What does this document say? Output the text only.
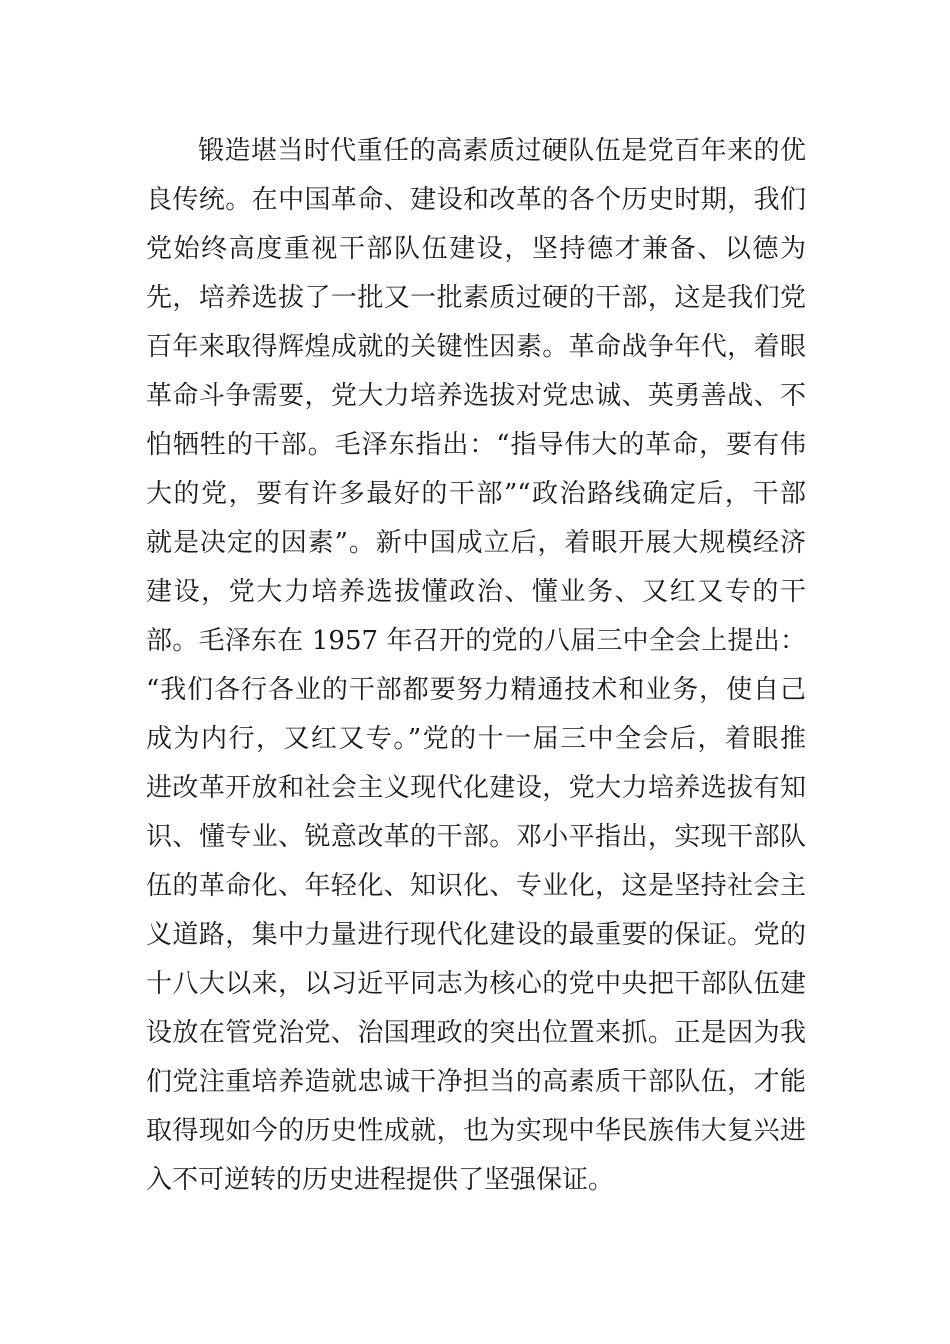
锻造堪当时代重任的高素质过硬队伍是党百年来的优
良传统。在中国革命、建设和改革的各个历史时期，我们
党始终高度重视干部队伍建设，坚持德才兼备、以德为
先，培养选拔了一批又一批素质过硬的干部，这是我们党
百年来取得辉煌成就的关键性因素。革命战争年代，着眼
革命斗争需要，党大力培养选拔对党忠诚、英勇善战、不
怕牺牲的干部。毛泽东指出：“指导伟大的革命，要有伟
大的党，要有许多最好的干部”“政治路线确定后，干部
就是决定的因素”。新中国成立后，着眼开展大规模经济
建设，党大力培养选拔懂政治、懂业务、又红又专的干
部。毛泽东在 1957 年召开的党的八届三中全会上提出：
“我们各行各业的干部都要努力精通技术和业务，使自己
成为内行，又红又专。”党的十一届三中全会后，着眼推
进改革开放和社会主义现代化建设，党大力培养选拔有知
识、懂专业、锐意改革的干部。邓小平指出，实现干部队
伍的革命化、年轻化、知识化、专业化，这是坚持社会主
义道路，集中力量进行现代化建设的最重要的保证。党的
十八大以来，以习近平同志为核心的党中央把干部队伍建
设放在管党治党、治国理政的突出位置来抓。正是因为我
们党注重培养造就忠诚干净担当的高素质干部队伍，才能
取得现如今的历史性成就，也为实现中华民族伟大复兴进
入不可逆转的历史进程提供了坚强保证。
